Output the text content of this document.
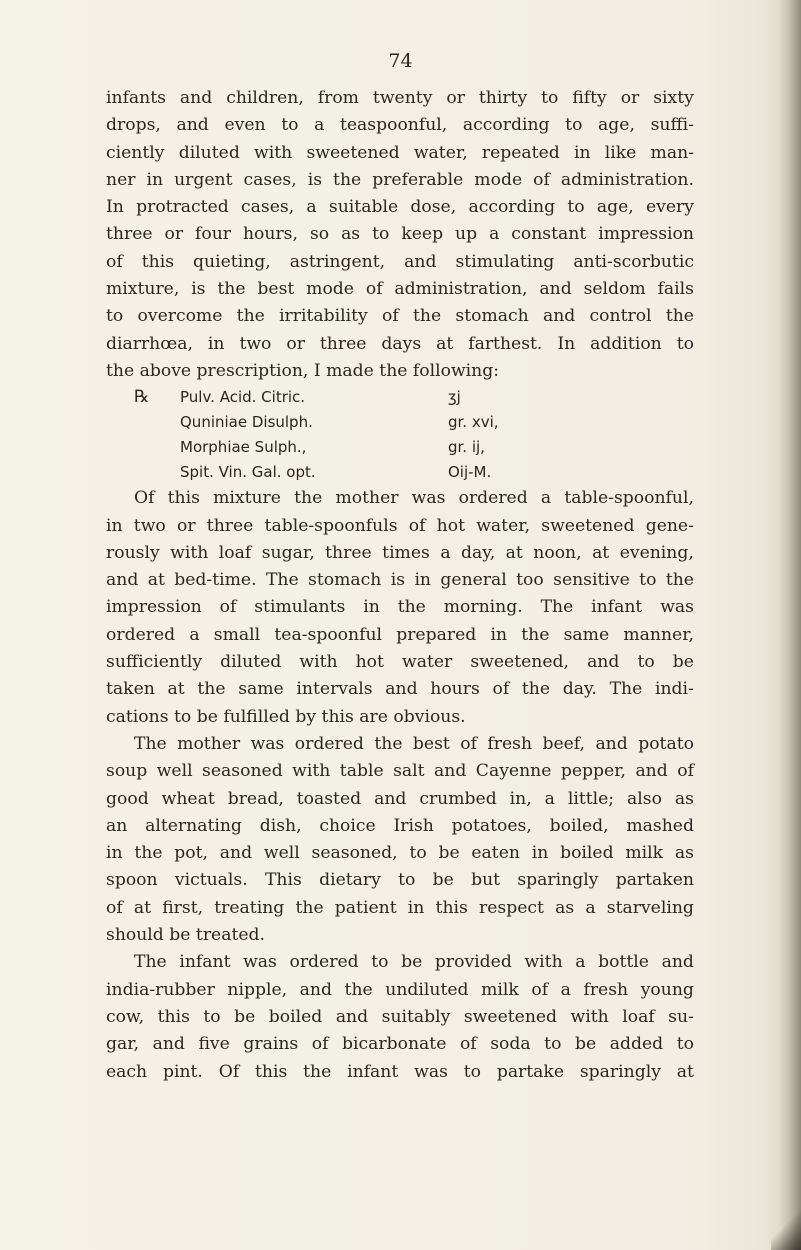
74
infants and children, from twenty or thirty to fifty or sixty
drops, and even to a teaspoonful, according to age, suffi-
ciently diluted with sweetened water, repeated in like man-
ner in urgent cases, is the preferable mode of administration.
In protracted cases, a suitable dose, according to age, every
three or four hours, so as to keep up a constant impression
of this quieting, astringent, and stimulating anti-scorbutic
mixture, is the best mode of administration, and seldom fails
to overcome the irritability of the stomach and control the
diarrhœa, in two or three days at farthest. In addition to
the above prescription, I made the following:
℞ Pulv. Acid. Citric.	ʒj
Quniniae Disulph.	gr. xvi,
Morphiae Sulph.,	gr. ij,
Spit. Vin. Gal. opt.	Oij-M.
Of this mixture the mother was ordered a table-spoonful,
in two or three table-spoonfuls of hot water, sweetened gene-
rously with loaf sugar, three times a day, at noon, at evening,
and at bed-time. The stomach is in general too sensitive to the
impression of stimulants in the morning. The infant was
ordered a small tea-spoonful prepared in the same manner,
sufficiently diluted with hot water sweetened, and to be
taken at the same intervals and hours of the day. The indi-
cations to be fulfilled by this are obvious.
The mother was ordered the best of fresh beef, and potato
soup well seasoned with table salt and Cayenne pepper, and of
good wheat bread, toasted and crumbed in, a little; also as
an alternating dish, choice Irish potatoes, boiled, mashed
in the pot, and well seasoned, to be eaten in boiled milk as
spoon victuals. This dietary to be but sparingly partaken
of at first, treating the patient in this respect as a starveling
should be treated.
The infant was ordered to be provided with a bottle and
india-rubber nipple, and the undiluted milk of a fresh young
cow, this to be boiled and suitably sweetened with loaf su-
gar, and five grains of bicarbonate of soda to be added to
each pint. Of this the infant was to partake sparingly at
